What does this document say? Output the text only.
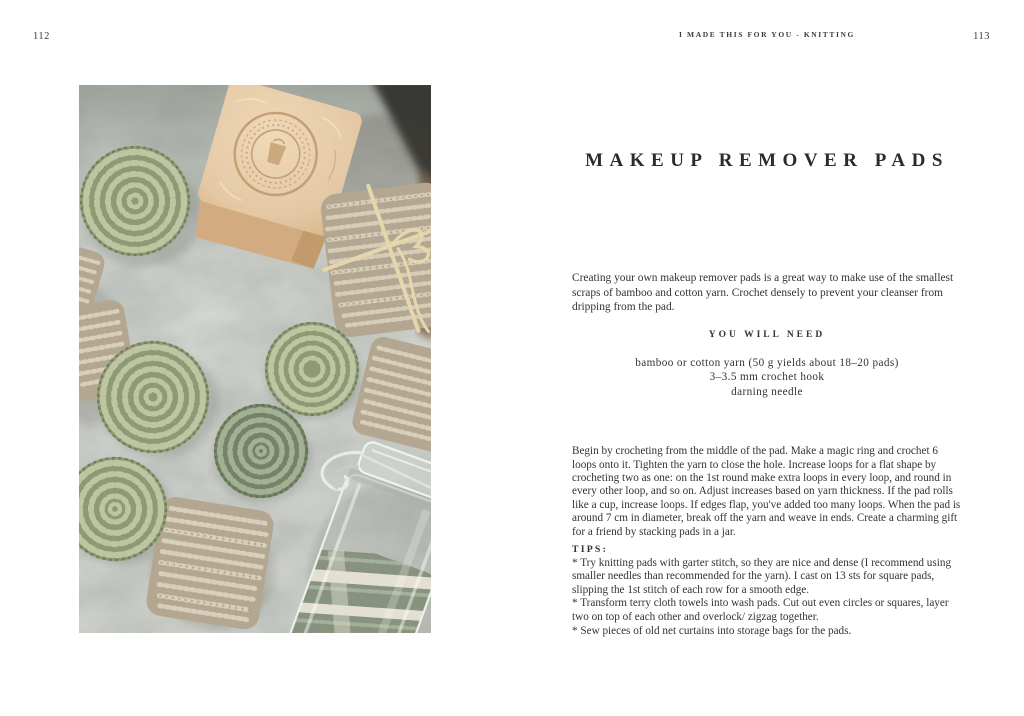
112	I MADE THIS FOR YOU - KNITTING	113
MAKEUP REMOVER PADS

Creating your own makeup remover pads is a great way to make use of the smallest scraps of bamboo and cotton yarn. Crochet densely to prevent your cleanser from dripping from the pad.

YOU WILL NEED
bamboo or cotton yarn (50 g yields about 18–20 pads)
3–3.5 mm crochet hook
darning needle

Begin by crocheting from the middle of the pad. Make a magic ring and crochet 6 loops onto it. Tighten the yarn to close the hole. Increase loops for a flat shape by crocheting two as one: on the 1st round make extra loops in every loop, and round in every other loop, and so on. Adjust increases based on yarn thickness. If the pad rolls like a cup, increase loops. If edges flap, you've added too many loops. When the pad is around 7 cm in diameter, break off the yarn and weave in ends. Create a charming gift for a friend by stacking pads in a jar.

TIPS:

* Try knitting pads with garter stitch, so they are nice and dense (I recommend using smaller needles than recommended for the yarn). I cast on 13 sts for square pads, slipping the 1st stitch of each row for a smooth edge.

* Transform terry cloth towels into wash pads. Cut out even circles or squares, layer two on top of each other and overlock/ zigzag together.

* Sew pieces of old net curtains into storage bags for the pads.
